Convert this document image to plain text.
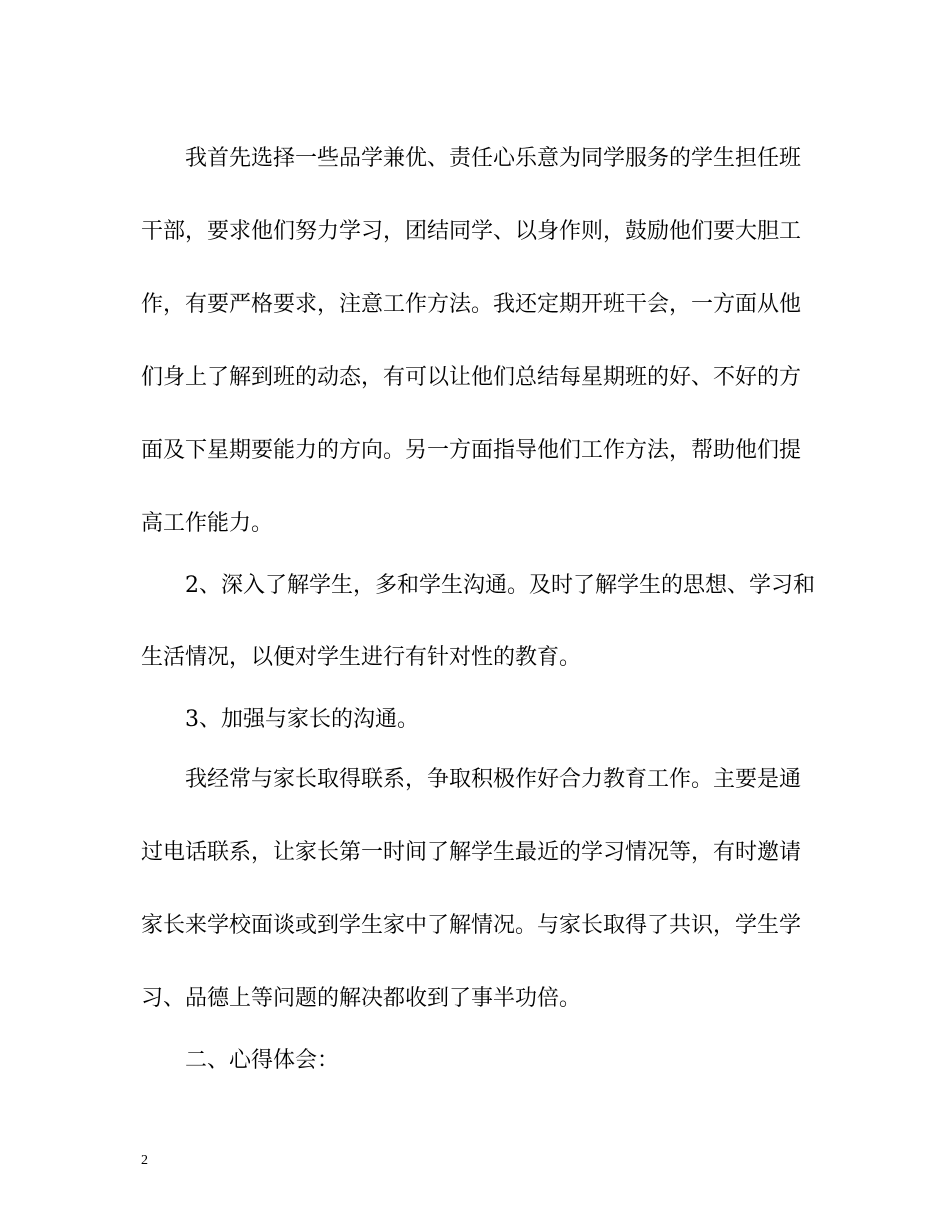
我首先选择一些品学兼优、责任心乐意为同学服务的学生担任班
干部，要求他们努力学习，团结同学、以身作则，鼓励他们要大胆工
作，有要严格要求，注意工作方法。我还定期开班干会，一方面从他
们身上了解到班的动态，有可以让他们总结每星期班的好、不好的方
面及下星期要能力的方向。另一方面指导他们工作方法，帮助他们提
高工作能力。
2、深入了解学生，多和学生沟通。及时了解学生的思想、学习和
生活情况，以便对学生进行有针对性的教育。
3、加强与家长的沟通。
我经常与家长取得联系，争取积极作好合力教育工作。主要是通
过电话联系，让家长第一时间了解学生最近的学习情况等，有时邀请
家长来学校面谈或到学生家中了解情况。与家长取得了共识，学生学
习、品德上等问题的解决都收到了事半功倍。
二、心得体会：
2
